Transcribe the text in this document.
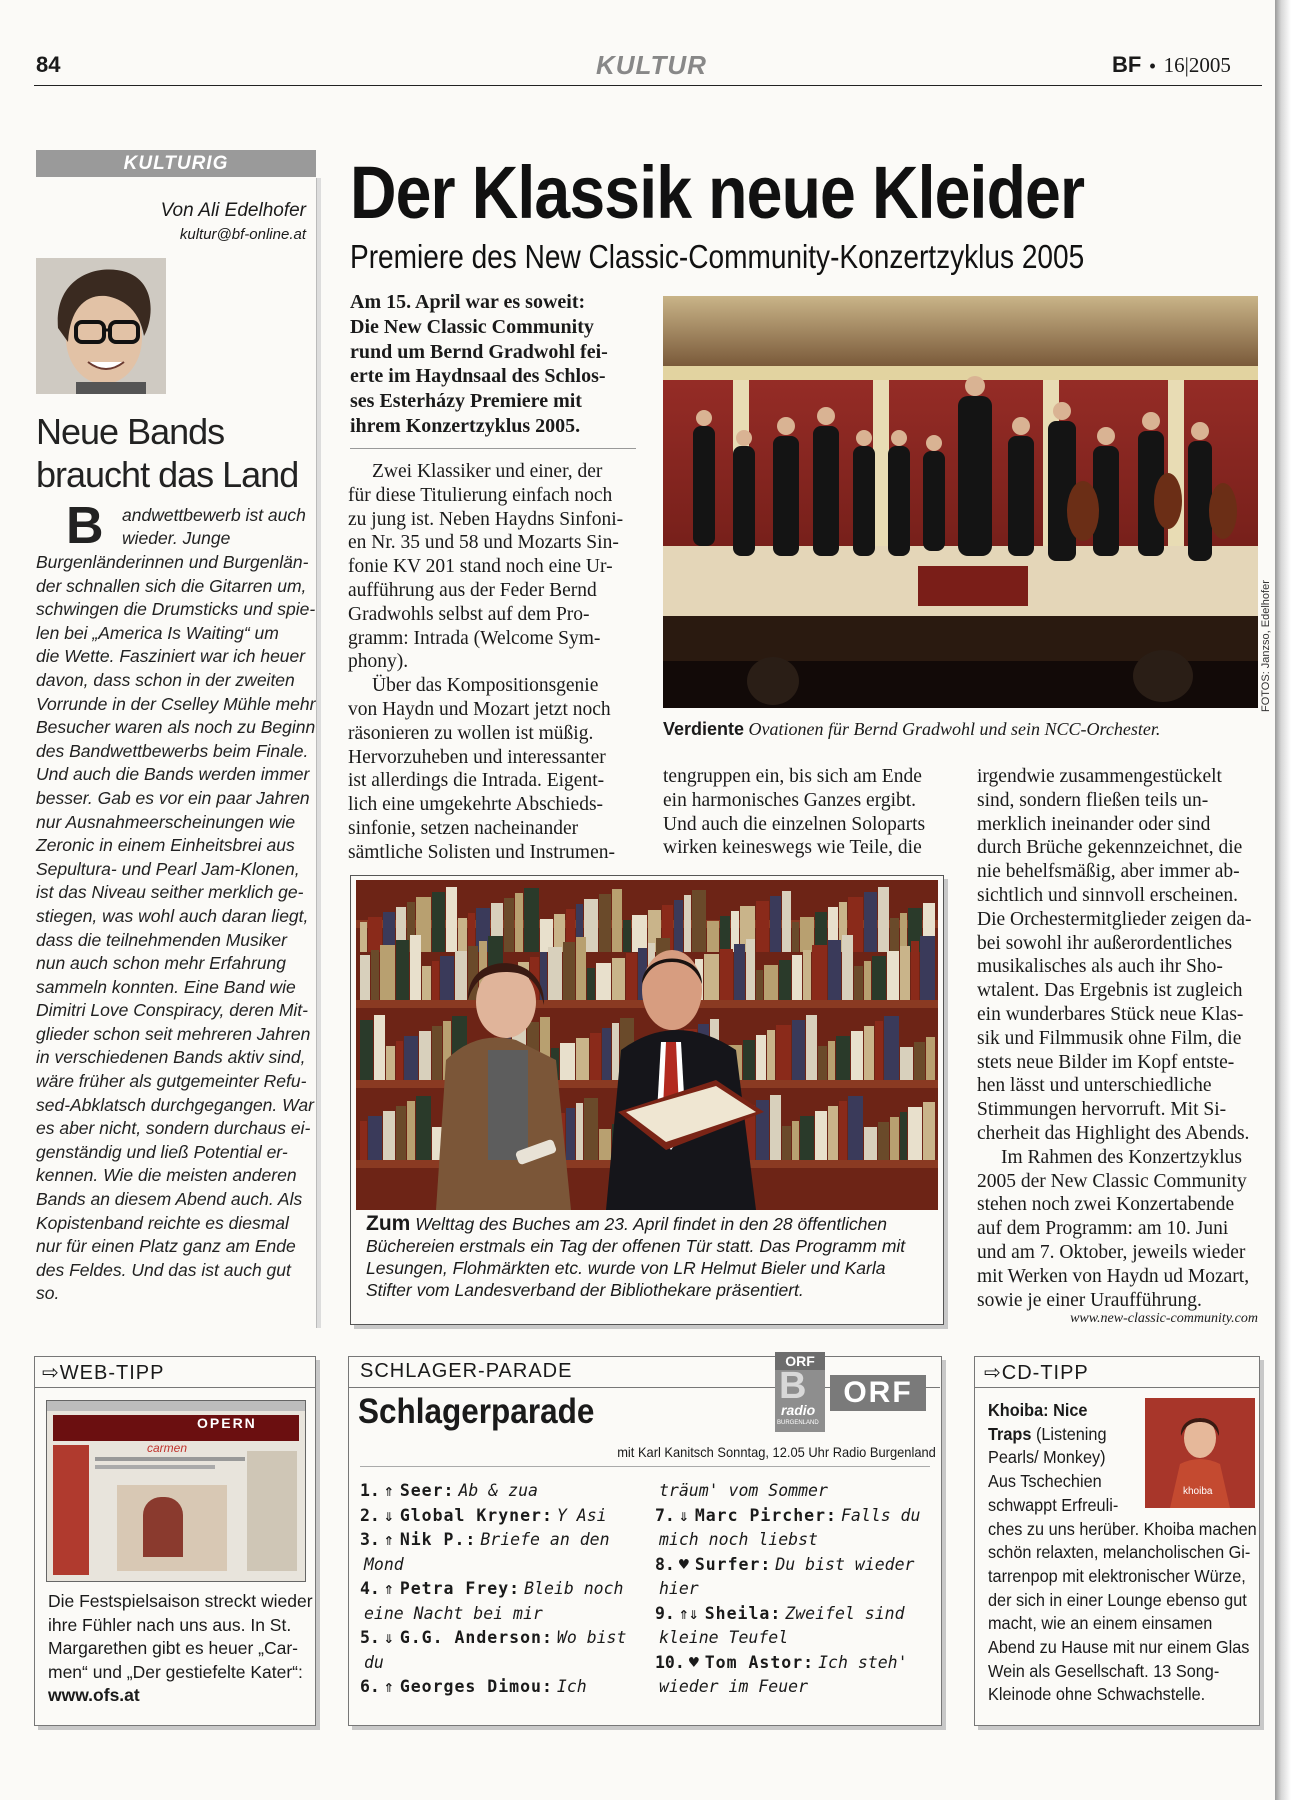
84	KULTUR	BF • 16|2005
KULTURIG
Von Ali Edelhofer
kultur@bf-online.at
Neue Bands
braucht das Land
B andwettbewerb ist auch
wieder. Junge
Burgenländerinnen und Burgenlän-
der schnallen sich die Gitarren um,
schwingen die Drumsticks und spie-
len bei „America Is Waiting“ um
die Wette. Fasziniert war ich heuer
davon, dass schon in der zweiten
Vorrunde in der Cselley Mühle mehr
Besucher waren als noch zu Beginn
des Bandwettbewerbs beim Finale.
Und auch die Bands werden immer
besser. Gab es vor ein paar Jahren
nur Ausnahmeerscheinungen wie
Zeronic in einem Einheitsbrei aus
Sepultura- und Pearl Jam-Klonen,
ist das Niveau seither merklich ge-
stiegen, was wohl auch daran liegt,
dass die teilnehmenden Musiker
nun auch schon mehr Erfahrung
sammeln konnten. Eine Band wie
Dimitri Love Conspiracy, deren Mit-
glieder schon seit mehreren Jahren
in verschiedenen Bands aktiv sind,
wäre früher als gutgemeinter Refu-
sed-Abklatsch durchgegangen. War
es aber nicht, sondern durchaus ei-
genständig und ließ Potential er-
kennen. Wie die meisten anderen
Bands an diesem Abend auch. Als
Kopistenband reichte es diesmal
nur für einen Platz ganz am Ende
des Feldes. Und das ist auch gut
so.
Der Klassik neue Kleider
Premiere des New Classic-Community-Konzertzyklus 2005
Am 15. April war es soweit:
Die New Classic Community
rund um Bernd Gradwohl fei-
erte im Haydnsaal des Schlos-
ses Esterházy Premiere mit
ihrem Konzertzyklus 2005.
Zwei Klassiker und einer, der
für diese Titulierung einfach noch
zu jung ist. Neben Haydns Sinfoni-
en Nr. 35 und 58 und Mozarts Sin-
fonie KV 201 stand noch eine Ur-
aufführung aus der Feder Bernd
Gradwohls selbst auf dem Pro-
gramm: Intrada (Welcome Sym-
phony).
Über das Kompositionsgenie
von Haydn und Mozart jetzt noch
räsonieren zu wollen ist müßig.
Hervorzuheben und interessanter
ist allerdings die Intrada. Eigent-
lich eine umgekehrte Abschieds-
sinfonie, setzen nacheinander
sämtliche Solisten und Instrumen-
FOTOS: Janzso, Edelhofer
Verdiente Ovationen für Bernd Gradwohl und sein NCC-Orchester.
tengruppen ein, bis sich am Ende
ein harmonisches Ganzes ergibt.
Und auch die einzelnen Soloparts
wirken keineswegs wie Teile, die
irgendwie zusammengestückelt
sind, sondern fließen teils un-
merklich ineinander oder sind
durch Brüche gekennzeichnet, die
nie behelfsmäßig, aber immer ab-
sichtlich und sinnvoll erscheinen.
Die Orchestermitglieder zeigen da-
bei sowohl ihr außerordentliches
musikalisches als auch ihr Sho-
wtalent. Das Ergebnis ist zugleich
ein wunderbares Stück neue Klas-
sik und Filmmusik ohne Film, die
stets neue Bilder im Kopf entste-
hen lässt und unterschiedliche
Stimmungen hervorruft. Mit Si-
cherheit das Highlight des Abends.
Im Rahmen des Konzertzyklus
2005 der New Classic Community
stehen noch zwei Konzertabende
auf dem Programm: am 10. Juni
und am 7. Oktober, jeweils wieder
mit Werken von Haydn ud Mozart,
sowie je einer Uraufführung.
www.new-classic-community.com
Zum Welttag des Buches am 23. April findet in den 28 öffentlichen
Büchereien erstmals ein Tag der offenen Tür statt. Das Programm mit
Lesungen, Flohmärkten etc. wurde von LR Helmut Bieler und Karla
Stifter vom Landesverband der Bibliothekare präsentiert.
⇨WEB-TIPP
OPERN
carmen
Die Festspielsaison streckt wieder
ihre Fühler nach uns aus. In St.
Margarethen gibt es heuer „Car-
men“ und „Der gestiefelte Kater“:
www.ofs.at
SCHLAGER-PARADE
Schlagerparade
ORF
B
radio
BURGENLAND
ORF
mit Karl Kanitsch Sonntag, 12.05 Uhr Radio Burgenland
1. ⇑ Seer: Ab & zua
2. ⇓ Global Kryner: Y Asi
3. ⇑ Nik P.: Briefe an den
Mond
4. ⇑ Petra Frey: Bleib noch
eine Nacht bei mir
5. ⇓ G.G. Anderson: Wo bist
du
6. ⇑ Georges Dimou: Ich
träum' vom Sommer
7. ⇓ Marc Pircher: Falls du
mich noch liebst
8. ♥ Surfer: Du bist wieder
hier
9. ⇑⇓ Sheila: Zweifel sind
kleine Teufel
10. ♥ Tom Astor: Ich steh'
wieder im Feuer
⇨CD-TIPP
khoiba
Khoiba: Nice
Traps (Listening
Pearls/ Monkey)
Aus Tschechien
schwappt Erfreuli-
ches zu uns herüber. Khoiba machen
schön relaxten, melancholischen Gi-
tarrenpop mit elektronischer Würze,
der sich in einer Lounge ebenso gut
macht, wie an einem einsamen
Abend zu Hause mit nur einem Glas
Wein als Gesellschaft. 13 Song-
Kleinode ohne Schwachstelle.
